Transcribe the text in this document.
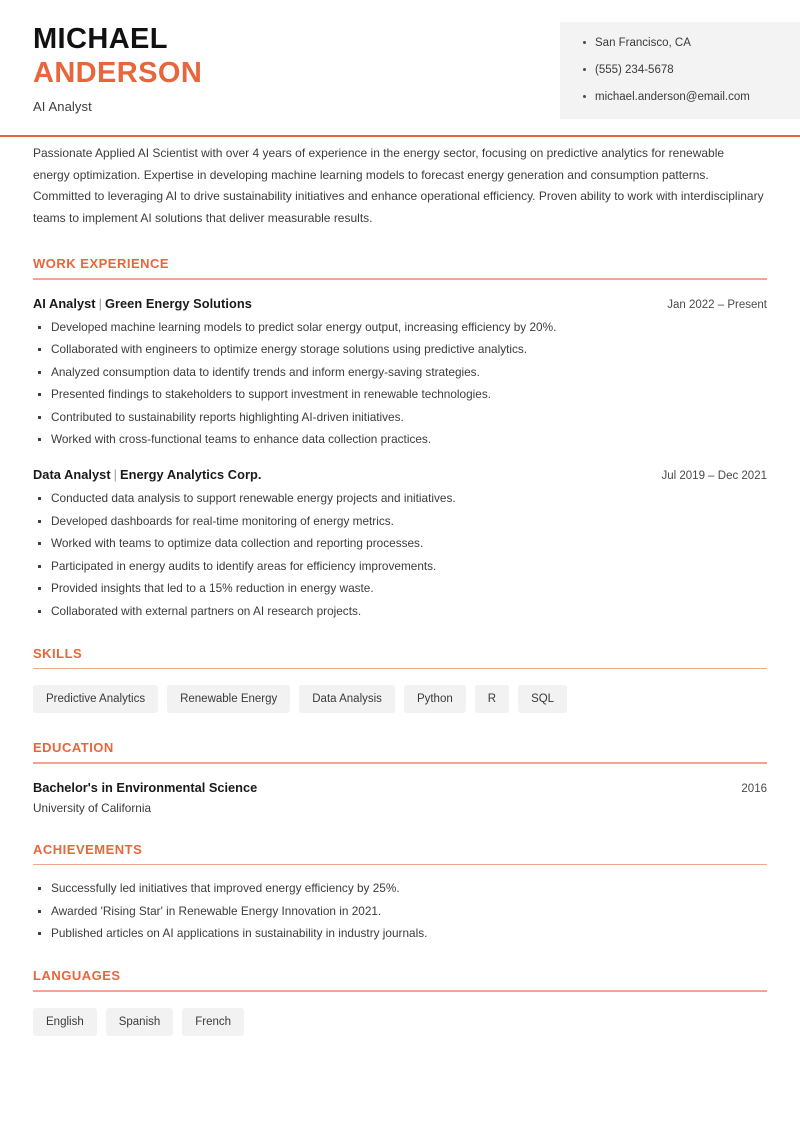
MICHAEL
ANDERSON
AI Analyst
San Francisco, CA
(555) 234-5678
michael.anderson@email.com

Passionate Applied AI Scientist with over 4 years of experience in the energy sector, focusing on predictive analytics for renewable energy optimization. Expertise in developing machine learning models to forecast energy generation and consumption patterns. Committed to leveraging AI to drive sustainability initiatives and enhance operational efficiency. Proven ability to work with interdisciplinary teams to implement AI solutions that deliver measurable results.

WORK EXPERIENCE
AI Analyst | Green Energy Solutions	Jan 2022 – Present
Developed machine learning models to predict solar energy output, increasing efficiency by 20%.
Collaborated with engineers to optimize energy storage solutions using predictive analytics.
Analyzed consumption data to identify trends and inform energy-saving strategies.
Presented findings to stakeholders to support investment in renewable technologies.
Contributed to sustainability reports highlighting AI-driven initiatives.
Worked with cross-functional teams to enhance data collection practices.
Data Analyst | Energy Analytics Corp.	Jul 2019 – Dec 2021
Conducted data analysis to support renewable energy projects and initiatives.
Developed dashboards for real-time monitoring of energy metrics.
Worked with teams to optimize data collection and reporting processes.
Participated in energy audits to identify areas for efficiency improvements.
Provided insights that led to a 15% reduction in energy waste.
Collaborated with external partners on AI research projects.
SKILLS
Predictive Analytics	Renewable Energy	Data Analysis	Python	R	SQL
EDUCATION
Bachelor's in Environmental Science	2016
University of California
ACHIEVEMENTS
Successfully led initiatives that improved energy efficiency by 25%.
Awarded 'Rising Star' in Renewable Energy Innovation in 2021.
Published articles on AI applications in sustainability in industry journals.
LANGUAGES
English	Spanish	French
